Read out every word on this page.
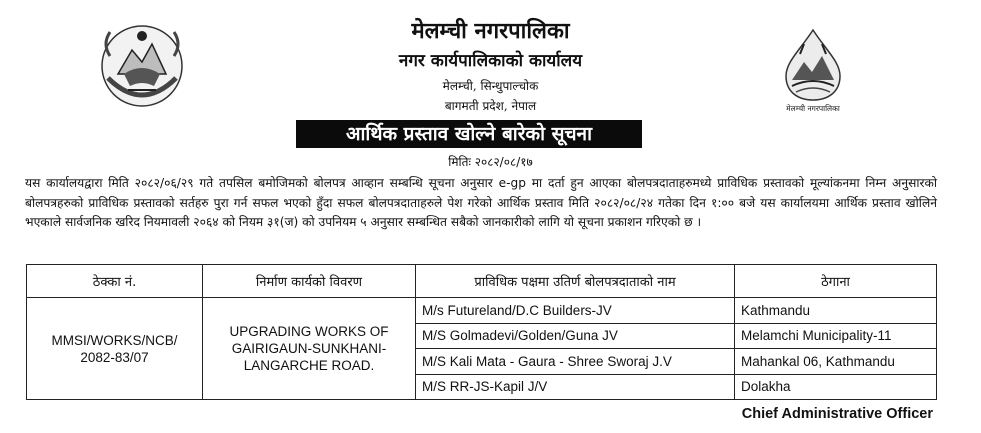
मेलम्ची नगरपालिका
मेलम्ची नगरपालिका
नगर कार्यपालिकाको कार्यालय
मेलम्ची, सिन्धुपाल्चोक
बागमती प्रदेश, नेपाल
आर्थिक प्रस्ताव खोल्ने बारेको सूचना
मितिः २०८२/०८/१७
यस कार्यालयद्वारा मिति २०८२/०६/२९ गते तपसिल बमोजिमको बोलपत्र आव्हान सम्बन्धि सूचना अनुसार e-gp मा दर्ता हुन आएका बोलपत्रदाताहरुमध्ये प्राविधिक प्रस्तावको मूल्यांकनमा निम्न अनुसारको बोलपत्रहरुको प्राविधिक प्रस्तावको सर्तहरु पुरा गर्न सफल भएको हुँदा सफल बोलपत्रदाताहरुले पेश गरेको आर्थिक प्रस्ताव मिति २०८२/०८/२४ गतेका दिन १:०० बजे यस कार्यालयमा आर्थिक प्रस्ताव खोलिने भएकाले सार्वजनिक खरिद नियमावली २०६४ को नियम ३१(ज) को उपनियम ५ अनुसार सम्बन्धित सबैको जानकारीको लागि यो सूचना प्रकाशन गरिएको छ ।
ठेक्का नं.	निर्माण कार्यको विवरण	प्राविधिक पक्षमा उतिर्ण बोलपत्रदाताको नाम	ठेगाना
MMSI/WORKS/NCB/ 2082-83/07	UPGRADING WORKS OF GAIRIGAUN-SUNKHANI-LANGARCHE ROAD.	M/s Futureland/D.C Builders-JV	Kathmandu
		M/S Golmadevi/Golden/Guna JV	Melamchi Municipality-11
		M/S Kali Mata - Gaura - Shree Sworaj J.V	Mahankal 06, Kathmandu
		M/S RR-JS-Kapil J/V	Dolakha
Chief Administrative Officer
